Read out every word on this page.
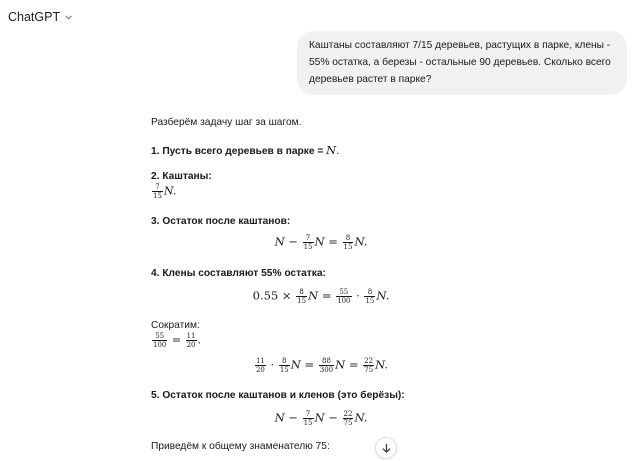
ChatGPT
Каштаны составляют 7/15 деревьев, растущих в парке, клены - 55% остатка, а березы - остальные 90 деревьев. Сколько всего деревьев растет в парке?
Разберём задачу шаг за шагом.
1. Пусть всего деревьев в парке = N.
2. Каштаны:
$\frac{7}{15} N$.
3. Остаток после каштанов:
$N - \frac{7}{15}$ $N = \frac{8}{15} N$.
4. Клены составляют 55% остатка:
$0.55 \times \frac{8}{15}$ $N = \frac{55}{100} \cdot \frac{8}{15} N$.
Сократим:
$\frac{55}{100} = \frac{11}{20}$ .
$\frac{11}{20} \cdot \frac{8}{15}$ $N = \frac{88}{300}$ $N = \frac{22}{75} N$.
5. Остаток после каштанов и кленов (это берёзы):
$N - \frac{7}{15}$ $N - \frac{22}{75} N$.
Приведём к общему знаменателю 75:
